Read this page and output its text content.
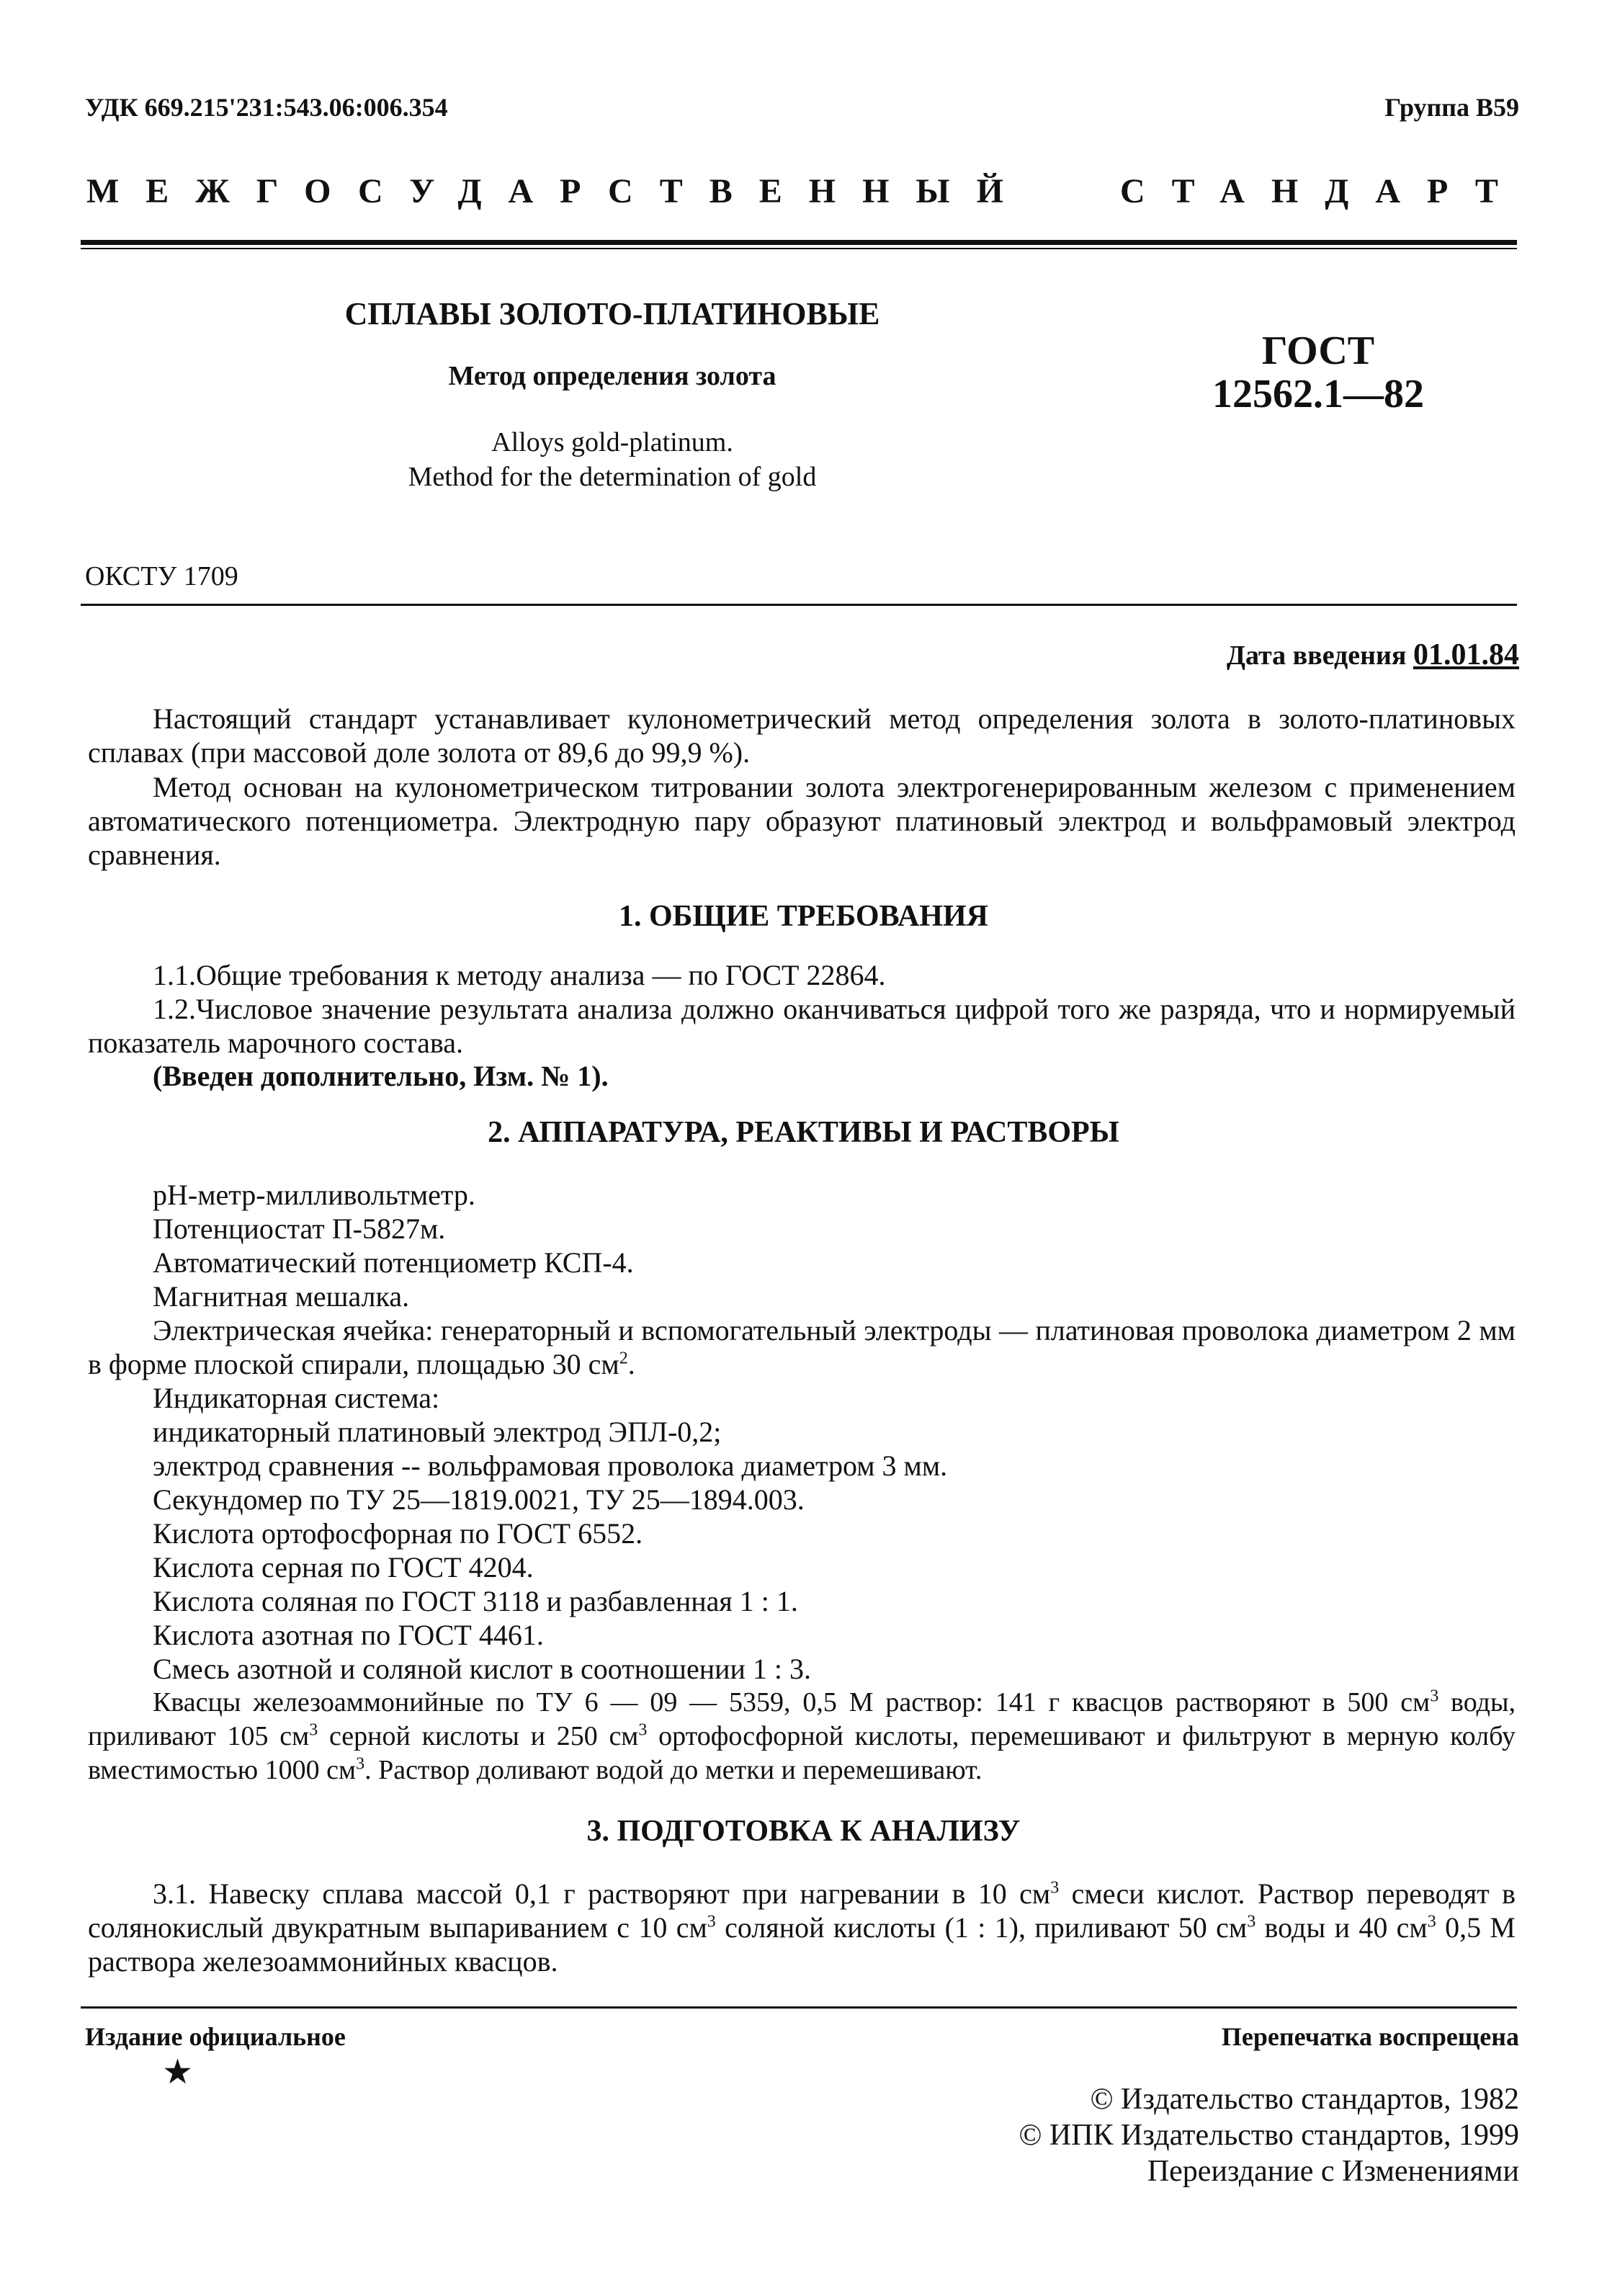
УДК 669.215'231:543.06:006.354	Группа В59

МЕЖГОСУДАРСТВЕННЫЙ	СТАНДАРТ

СПЛАВЫ ЗОЛОТО-ПЛАТИНОВЫЕ

Метод определения золота

Alloys gold-platinum.

Method for the determination of gold

ГОСТ

12562.1—82

ОКСТУ 1709

Дата введения 01.01.84

Настоящий стандарт устанавливает кулонометрический метод определения золота в золото-платиновых сплавах (при массовой доле золота от 89,6 до 99,9 %).

Метод основан на кулонометрическом титровании золота электрогенерированным железом с применением автоматического потенциометра. Электродную пару образуют платиновый электрод и вольфрамовый электрод сравнения.

1. ОБЩИЕ ТРЕБОВАНИЯ

1.1.Общие требования к методу анализа — по ГОСТ 22864.

1.2.Числовое значение результата анализа должно оканчиваться цифрой того же разряда, что и нормируемый показатель марочного состава.

(Введен дополнительно, Изм. № 1).

2. АППАРАТУРА, РЕАКТИВЫ И РАСТВОРЫ

рН-метр-милливольтметр.

Потенциостат П-5827м.

Автоматический потенциометр КСП-4.

Магнитная мешалка.

Электрическая ячейка: генераторный и вспомогательный электроды — платиновая проволока диаметром 2 мм в форме плоской спирали, площадью 30 $см^2$.

Индикаторная система:

индикаторный платиновый электрод ЭПЛ-0,2;

электрод сравнения -- вольфрамовая проволока диаметром 3 мм.

Секундомер по ТУ 25—1819.0021, ТУ 25—1894.003.

Кислота ортофосфорная по ГОСТ 6552.

Кислота серная по ГОСТ 4204.

Кислота соляная по ГОСТ 3118 и разбавленная 1 : 1.

Кислота азотная по ГОСТ 4461.

Смесь азотной и соляной кислот в соотношении 1 : 3.

Квасцы железоаммонийные по ТУ 6 — 09 — 5359, 0,5 М раствор: 141 г квасцов растворяют в 500 $см^3$ воды, приливают 105 $см^3$ серной кислоты и 250 $см^3$ ортофосфорной кислоты, перемешивают и фильтруют в мерную колбу вместимостью 1000 $см^3$. Раствор доливают водой до метки и перемешивают.

3. ПОДГОТОВКА К АНАЛИЗУ

3.1. Навеску сплава массой 0,1 г растворяют при нагревании в 10 $см^3$ смеси кислот. Раствор переводят в солянокислый двукратным выпариванием с 10 $см^3$ соляной кислоты (1 : 1), приливают 50 $см^3$ воды и 40 $см^3$ 0,5 М раствора железоаммонийных квасцов.

Издание официальное	Перепечатка воспрещена

★

© Издательство стандартов, 1982

© ИПК Издательство стандартов, 1999

Переиздание с Изменениями
